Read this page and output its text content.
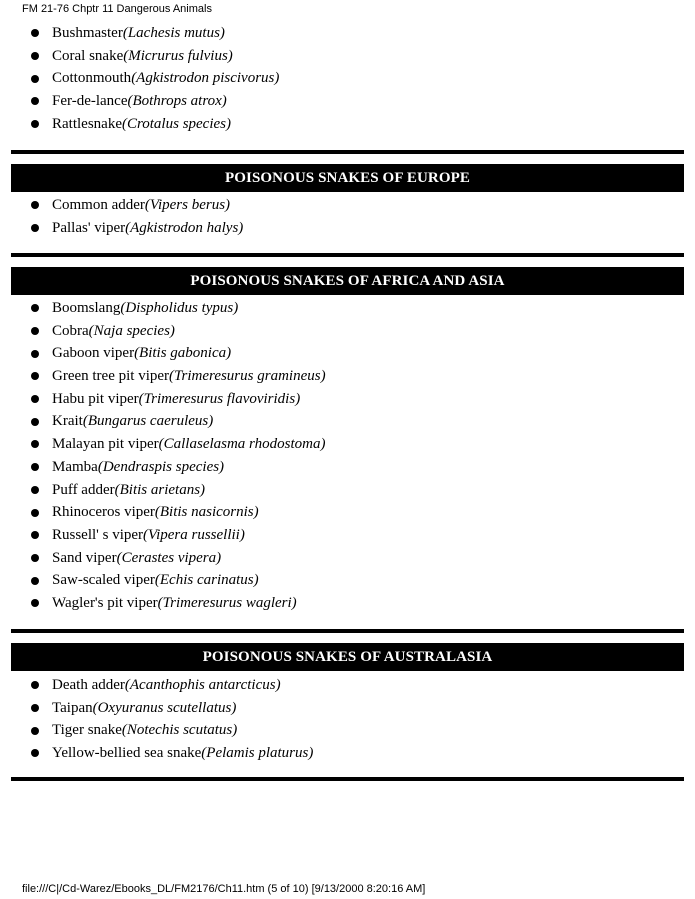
FM 21-76 Chptr 11 Dangerous Animals
Bushmaster (Lachesis mutus)
Coral snake (Micrurus fulvius)
Cottonmouth (Agkistrodon piscivorus)
Fer-de-lance (Bothrops atrox)
Rattlesnake (Crotalus species)
POISONOUS SNAKES OF EUROPE
Common adder (Vipers berus)
Pallas' viper (Agkistrodon halys)
POISONOUS SNAKES OF AFRICA AND ASIA
Boomslang (Dispholidus typus)
Cobra (Naja species)
Gaboon viper (Bitis gabonica)
Green tree pit viper (Trimeresurus gramineus)
Habu pit viper (Trimeresurus flavoviridis)
Krait (Bungarus caeruleus)
Malayan pit viper (Callaselasma rhodostoma)
Mamba (Dendraspis species)
Puff adder (Bitis arietans)
Rhinoceros viper (Bitis nasicornis)
Russell' s viper (Vipera russellii)
Sand viper (Cerastes vipera)
Saw-scaled viper (Echis carinatus)
Wagler's pit viper (Trimeresurus wagleri)
POISONOUS SNAKES OF AUSTRALASIA
Death adder (Acanthophis antarcticus)
Taipan (Oxyuranus scutellatus)
Tiger snake (Notechis scutatus)
Yellow-bellied sea snake (Pelamis platurus)
file:///C|/Cd-Warez/Ebooks_DL/FM2176/Ch11.htm (5 of 10) [9/13/2000 8:20:16 AM]
